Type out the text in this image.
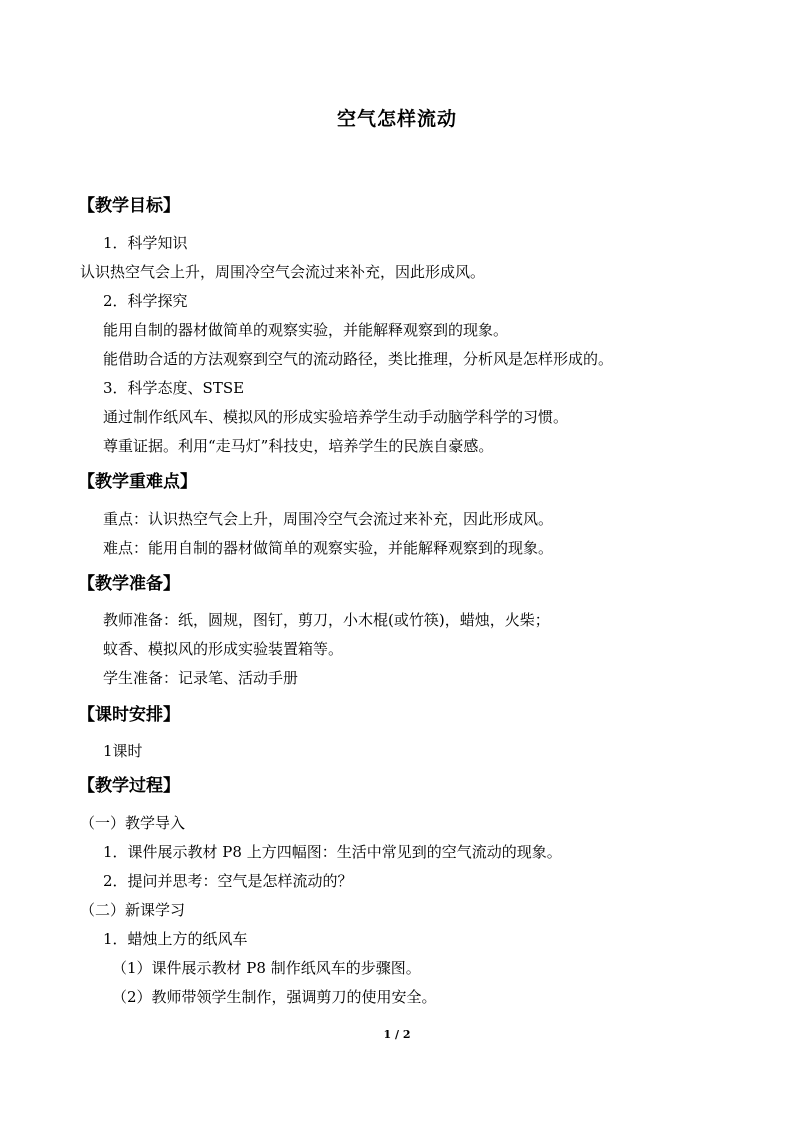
空气怎样流动
【教学目标】
1．科学知识
认识热空气会上升，周围冷空气会流过来补充，因此形成风。
2．科学探究
能用自制的器材做简单的观察实验，并能解释观察到的现象。
能借助合适的方法观察到空气的流动路径，类比推理，分析风是怎样形成的。
3．科学态度、STSE
通过制作纸风车、模拟风的形成实验培养学生动手动脑学科学的习惯。
尊重证据。利用“走马灯”科技史，培养学生的民族自豪感。
【教学重难点】
重点：认识热空气会上升，周围冷空气会流过来补充，因此形成风。
难点：能用自制的器材做简单的观察实验，并能解释观察到的现象。
【教学准备】
教师准备：纸，圆规，图钉，剪刀，小木棍(或竹筷)，蜡烛，火柴；
蚊香、模拟风的形成实验装置箱等。
学生准备：记录笔、活动手册
【课时安排】
1课时
【教学过程】
（一）教学导入
1．课件展示教材 P8 上方四幅图：生活中常见到的空气流动的现象。
2．提问并思考：空气是怎样流动的？
（二）新课学习
1．蜡烛上方的纸风车
（1）课件展示教材 P8 制作纸风车的步骤图。
（2）教师带领学生制作，强调剪刀的使用安全。
1 / 2
